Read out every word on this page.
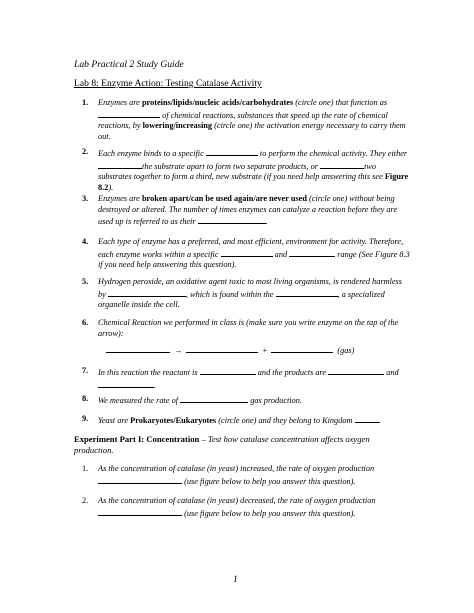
Lab Practical 2 Study Guide
Lab 8: Enzyme Action: Testing Catalase Activity
1. Enzymes are proteins/lipids/nucleic acids/carbohydrates (circle one) that function as  of chemical reactions, substances that speed up the rate of chemical reactions, by lowering/increasing (circle one) the activation energy necessary to carry them out.
2. Each enzyme binds to a specific	to perform the chemical activity. They either the substrate apart to form two separate products, or	two substrates together to form a third, new substrate (if you need help answering this see Figure 8.2).
3. Enzymes are broken apart/can be used again/are never used (circle one) without being destroyed or altered. The number of times enzymes can catalyze a reaction before they are used up is referred to as their	.
4. Each type of enzyme has a preferred, and most efficient, environment for activity. Therefore, each enzyme works within a specific	and	range (See Figure 8.3 if you need help answering this question).
5. Hydrogen peroxide, an oxidative agent toxic to most living organisms, is rendered harmless by	, which is found within the	, a specialized organelle inside the cell.
6. Chemical Reaction we performed in class is (make sure you write enzyme on the tap of the arrow):
→	+	(gas)
7. In this reaction the reactant is	and the products are	and .
8. We measured the rate of	gas production.
9. Yeast are Prokaryotes/Eukaryotes (circle one) and they belong to Kingdom	.
Experiment Part I: Concentration – Test how catalase concentration affects oxygen production.
1. As the concentration of catalase (in yeast) increased, the rate of oxygen production  (use figure below to help you answer this question).
2. As the concentration of catalase (in yeast) decreased, the rate of oxygen production  (use figure below to help you answer this question).
1
